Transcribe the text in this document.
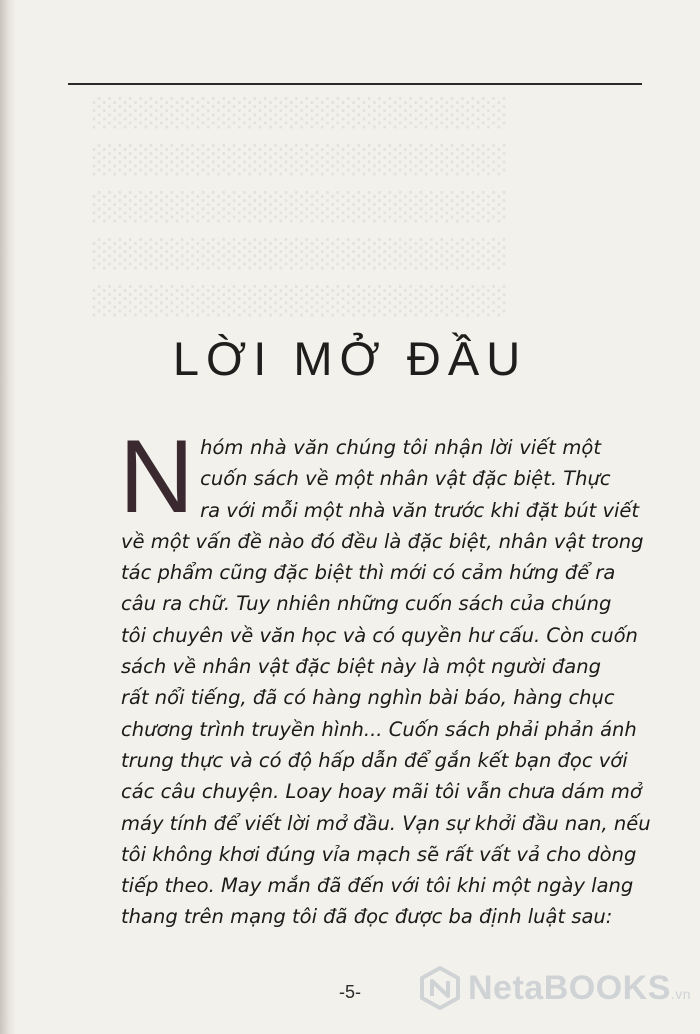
░░░░░░░░░░░░░░░░░░░░
░░░░░░░░░░░░░░░░░░░░
░░░░░░░░░░░░░░░░░░░░
░░░░░░░░░░░░░░░░░░░░
░░░░░░░░░░░░░░░░░░░░
LỜI MỞ ĐẦU
N hóm nhà văn chúng tôi nhận lời viết một
cuốn sách về một nhân vật đặc biệt. Thực
ra với mỗi một nhà văn trước khi đặt bút viết
về một vấn đề nào đó đều là đặc biệt, nhân vật trong
tác phẩm cũng đặc biệt thì mới có cảm hứng để ra
câu ra chữ. Tuy nhiên những cuốn sách của chúng
tôi chuyên về văn học và có quyền hư cấu. Còn cuốn
sách về nhân vật đặc biệt này là một người đang
rất nổi tiếng, đã có hàng nghìn bài báo, hàng chục
chương trình truyền hình... Cuốn sách phải phản ánh
trung thực và có độ hấp dẫn để gắn kết bạn đọc với
các câu chuyện. Loay hoay mãi tôi vẫn chưa dám mở
máy tính để viết lời mở đầu. Vạn sự khởi đầu nan, nếu
tôi không khơi đúng vỉa mạch sẽ rất vất vả cho dòng
tiếp theo. May mắn đã đến với tôi khi một ngày lang
thang trên mạng tôi đã đọc được ba định luật sau:
-5-	NetaBOOKS.vn
